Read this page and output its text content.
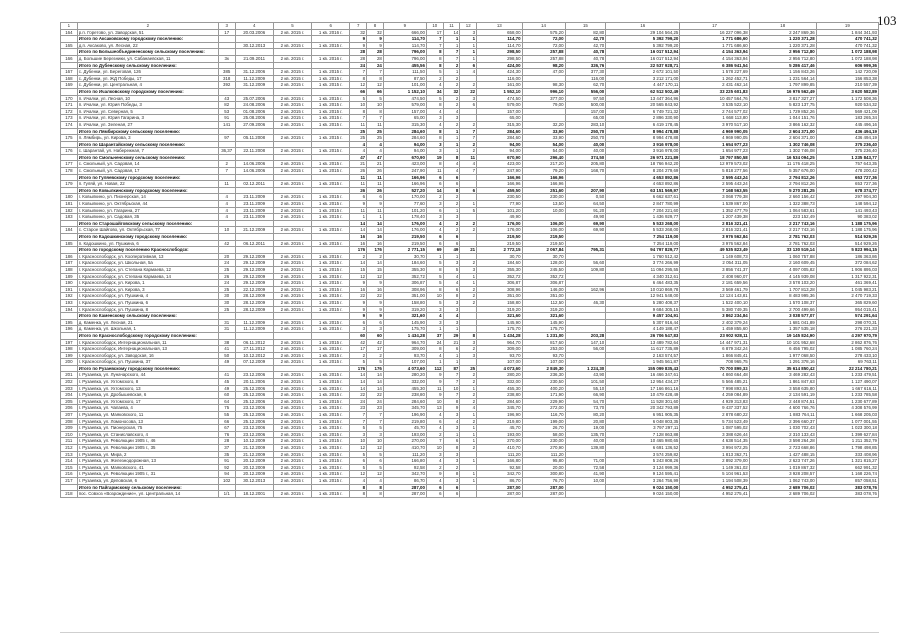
103
1	2	3	4	5	6	7	8	9	10	11	12	13	14	15	16	17	18	19
164	р.п. Горетово, ул. Заводская, 51	17	20.03.2006	2 кв. 2015 г.	1 кв. 2016 г.	32	32	666,00	17	14	3	658,00	575,20	82,80	29 104 564,25	16 227 096,38	2 247 869,36	1 844 341,93
	Итого по Аксаковскому городскому поселению:					9	9	114,70	7	1	1	114,70	72,00	42,70	5 392 799,20	1 771 686,60	1 220 371,28	470 741,32
165	д.п. Аксаково, ул. Лесная, 22		30.12.2013	2 кв. 2015 г.	1 кв. 2015 г.	9	9	114,70	7	1	1	114,70	72,00	42,70	5 392 799,20	1 771 686,60	1 220 371,28	470 741,32
	Итого по Большеобъединенскому сельскому поселению:					28	28	796,00	8	7	1	298,50	257,88	40,78	16 017 512,94	4 154 363,94	2 956 712,80	1 072 188,98
166	д. Большие Березники, ул. Сабанаевская, 11	3к	21.09.2011	2 кв. 2015 г.	1 кв. 2016 г.	28	28	796,00	8	7	1	298,50	257,88	40,78	16 017 512,94	4 154 363,94	2 956 712,80	1 072 188,98
	Итого по Дубенскому сельскому поселению:					24	24	455,56	8	2	6	424,00	98,20	326,76	22 537 928,71	6 386 941,54	5 286 417,46	606 999,36
167	с. Дубенки, ул. Береговая, 126	385	31.12.2006	2 кв. 2015 г.	1 кв. 2015 г.	7	7	111,50	5	1	4	424,30	47,00	377,30	2 672 101,50	1 578 227,69	1 156 843,26	142 720,09
168	с. Дубенки, ул. ЖД Победы, 17	318	11.12.2009	2 кв. 2015 г.	1 кв. 2015 г.	8	8	87,50	2	2		116,00		116,00	3 212 171,00	1 262 452,71	1 231 564,14	156 853,38
169	с. Дубенки, ул. Центральная, 4	392	31.12.2009	2 кв. 2015 г.	1 кв. 2015 г.	12	12	101,00	4	2	2	161,00	98,30	62,70	4 447 170,11	2 431 462,14	1 797 899,85	210 557,39
	Итого по Ичалковскому городскому поселению:					66	66	1 152,10	34	32	22	1 552,10	996,10	556,00	62 512 502,49	33 225 601,83	16 976 562,49	3 620 582,89
170	п. Ичалки, ул. Лесная, 10	43	25.07.2006	2 кв. 2015 г.	1 кв. 2015 г.	5	5	474,50	5	2	3	474,50	377,00	97,50	13 447 364,96	10 457 564,76	3 817 327,27	1 172 508,36
171	п. Ичалки, ул. Юрия Победы, 3	82	24.08.2006	2 кв. 2015 г.	1 кв. 2015 г.	10	10	579,00	8	2	6	579,00	79,00	500,00	20 565 843,92	3 535 522,10	5 823 137,75	920 534,32
172	п. Ичалки, ул. Северная, 5	53	01.08.2006	2 кв. 2015 г.	1 кв. 2015 г.	8	8	157,00	4	4		157,00		157,00	6 749 721,32	2 744 577,02	1 729 852,26	569 421,09
173	п. Ичалки, ул. Юрия Гагарина, 3	91	25.08.2006	2 кв. 2015 г.	1 кв. 2015 г.	7	7	65,00	3	3		65,00		65,00	2 896 330,90	1 668 113,80	1 044 151,76	183 265,34
174	п. Ичалки, ул. Зеленая, 27	141	27.09.2006	2 кв. 2015 г.	1 кв. 2015 г.	11	11	315,30	4	2	2	315,30	32,20	283,10	6 419 178,45	3 970 517,10	3 866 162,32	445 496,16
	Итого по Лямбирскому сельскому поселению:					25	25	284,60	8	1	7	284,60	33,90	250,70	8 994 478,88	4 969 990,05	2 604 371,00	436 494,19
175	п. Лямбирь, ул. Кирова, 3	97	05.11.2008	2 кв. 2015 г.	1 кв. 2015 г.	25	25	284,60	8	1	7	284,60	33,90	250,70	8 994 478,88	4 969 990,05	2 604 371,00	436 494,19
	Итого по Шарантайскому сельскому поселению:					4	4	94,00	3	1	2	94,00	54,00	40,00	3 916 978,00	1 654 977,23	1 302 746,08	375 236,40
176	с. Шарантай, ул. Набережная, 7	36,37	22.11.2008	2 кв. 2015 г.	1 кв. 2015 г.	4	4	94,00	3	1	2	94,00	54,00	40,00	3 916 978,00	1 654 977,23	1 302 746,08	375 236,40
	Итого по Смольненскому сельскому поселению:					47	47	670,90	19	8	11	670,90	296,40	374,50	26 971 221,89	18 797 850,58	16 534 094,25	1 235 843,77
177	с. Смольный, ул. Садовая, 14	2	14.06.2006	2 кв. 2015 г.	1 кв. 2015 г.	21	21	423,00	8	4	4	423,00	217,20	205,80	18 766 942,20	12 979 573,02	11 176 418,25	757 643,35
178	с. Смольный, ул. Садовая, 17	7	14.06.2006	2 кв. 2015 г.	1 кв. 2015 г.	26	26	247,90	11	4	7	247,90	79,20	168,70	8 204 279,69	5 818 277,56	5 357 676,00	478 200,42
	Итого по Гуляевскому городскому поселению:					11	11	166,96	6	6		166,96	166,96		4 653 892,86	2 595 443,24	2 794 812,26	653 727,36
179	п. Гуляй, ул. Новая, 22	11	02.12.2011	2 кв. 2015 г.	1 кв. 2015 г.	11	11	166,96	6	6		166,96	166,96		4 653 892,86	2 595 443,24	2 794 812,26	653 727,36
	Итого по Ковылкинскому городскому поселению:					26	26	527,20	14	8	6	459,50	251,60	207,90	63 151 569,97	7 168 563,55	5 270 281,25	678 374,77
180	г. Ковылкино, ул. Пионерская, 14	4	23.11.2009	2 кв. 2015 г.	1 кв. 2015 г.	6	6	170,00	2	2		230,50	230,00	0,50	6 662 637,61	3 068 779,38	2 660 156,42	297 904,30
181	г. Ковылкино, ул. Октябрьская, 44	4	23.11.2009	2 кв. 2015 г.	1 кв. 2015 г.	9	9	77,60	3	2	1	77,90	13,50	64,50	2 847 780,99	1 539 867,00	1 322 388,73	148 594,12
182	г. Ковылкино, ул. Гагарина, 27	4	23.11.2009	2 кв. 2015 г.	1 кв. 2015 г.	11	11	101,20	6	1	5	101,20	10,00	91,20	7 204 221,60	1 352 477,79	1 064 583,61	141 493,43
183	г. Ковылкино, ул. Садовая, 35	4	23.11.2009	2 кв. 2015 г.	1 кв. 2015 г.	1	1	178,40	3	3		49,90		49,90	1 436 929,77	1 207 439,38	223 152,49	90 383,02
	Итого по Старошайговскому сельскому поселению:					14	14	176,00	4	2	2	176,00	106,00	69,90	5 533 268,00	2 816 321,41	2 217 743,16	1 188 175,96
184	с. Старое Шайгово, ул. Октябрьская, 77	10	21.12.2009	2 кв. 2015 г.	1 кв. 2015 г.	14	14	176,00	4	2	2	176,00	106,00	69,90	5 533 268,00	2 816 321,41	2 217 743,16	1 188 175,96
	Итого по Кадошкинскому городскому поселению:					16	16	219,50	6	6		219,50	219,50		7 254 119,00	3 976 562,84	2 781 762,03	514 929,26
185	п. Кадошкино, ул. Пушкина, 6	42	06.12.2011	2 кв. 2015 г.	1 кв. 2015 г.	16	16	219,50	6	6		219,50	219,50		7 254 119,00	3 976 562,84	2 781 762,03	514 929,26
	Итого по городскому поселению Краснослободск:					176	176	2 771,15	69	49	21	2 772,15	2 067,84	795,31	94 797 829,77	49 535 823,49	33 130 519,14	5 823 994,15
186	г. Краснослободск, ул. Кооперативная, 13	20	29.12.2009	2 кв. 2015 г.	1 кв. 2015 г.	2	2	30,70	1	1		30,70	30,70		1 760 512,42	1 149 608,73	1 060 757,88	186 363,86
187	г. Краснослободск, ул. Школьная, 5а	24	29.12.2009	2 кв. 2015 г.	1 кв. 2015 г.	14	14	184,60	5	3	2	184,60	128,00	56,60	3 774 266,99	2 054 311,05	2 160 609,45	372 084,62
188	г. Краснослободск, ул. Степана Кармаева, 12	25	29.12.2009	2 кв. 2015 г.	1 кв. 2015 г.	15	15	355,30	8	5	3	355,30	245,50	109,80	11 094 295,55	3 856 741,37	4 097 005,82	1 906 895,03
189	г. Краснослободск, ул. Степана Кармаева, 14	26	29.12.2009	2 кв. 2015 г.	1 кв. 2015 г.	12	12	352,72	5	4	1	352,72	352,72		4 340 312,61	2 408 960,07	4 145 939,08	1 317 922,31
190	г. Краснослободск, ул. Кирова, 1	24	29.12.2009	2 кв. 2015 г.	1 кв. 2015 г.	9	9	306,87	5	4	1	306,87	306,87		6 464 483,35	2 181 659,56	3 578 103,20	461 369,41
191	г. Краснослободск, ул. Кирова, 3	25	22.12.2009	2 кв. 2015 г.	1 кв. 2015 г.	16	16	308,96	8	6	2	308,96	146,00	162,96	10 010 869,78	3 569 461,79	1 707 813,28	1 045 983,21
192	г. Краснослободск, ул. Пушкина, 4	30	28.12.2009	2 кв. 2015 г.	1 кв. 2015 г.	22	22	351,00	10	8	2	351,00	351,00		12 941 548,00	12 124 143,81	8 483 995,36	2 470 719,33
193	г. Краснослободск, ул. Пушкина, 6	30	28.12.2009	2 кв. 2015 г.	1 кв. 2015 г.	9	9	158,80	5	3	2	158,80	112,50	46,30	5 280 408,37	1 522 400,10	1 570 108,37	365 829,60
194	г. Краснослободск, ул. Пушкина, 8	25	28.12.2009	2 кв. 2015 г.	1 кв. 2015 г.	9	9	319,20	3	3		319,20	319,20		9 684 305,15	5 380 749,35	2 700 499,66	954 015,41
	Итого по Каменскому сельскому поселению:					9	9	321,60	4	4		321,60	321,60		9 457 104,91	3 862 234,84	3 038 577,07	574 291,64
195	д. Каменка, ул. Лесная, 21	31	11.12.2009	2 кв. 2015 г.	1 кв. 2015 г.	6	6	145,90	3	3		145,90	145,90		5 307 916,44	2 402 379,24	1 681 041,89	298 070,31
196	д. Каменка, ул. Школьная, 1	31	11.12.2009	2 кв. 2015 г.	1 кв. 2015 г.	3	3	175,70	1	1		175,70	175,70		4 149 188,47	1 459 855,60	1 357 535,18	276 221,33
	Итого по Краснослободскому городскому поселению:					60	60	1 434,28	37	29	8	1 434,28	1 231,00	203,28	26 706 547,83	23 902 928,11	19 145 824,90	4 297 970,79
197	г. Краснослободск, Интернациональная, 11	38	06.11.2012	2 кв. 2015 г.	1 кв. 2015 г.	42	42	964,70	24	21	3	964,70	817,60	147,10	13 489 782,64	14 447 971,31	10 101 952,68	2 862 876,76
198	г. Краснослободск, Интернациональная, 13	41	27.11.2012	2 кв. 2015 г.	1 кв. 2015 г.	17	17	309,00	8	6	2	309,00	253,00	56,00	11 617 735,89	6 879 342,24	6 456 795,02	1 085 760,24
199	г. Краснослободск, ул. Заводская, 16	50	10.12.2012	2 кв. 2015 г.	1 кв. 2015 г.	2	2	93,70	4	1	3	93,70	93,70		2 163 574,57	1 866 845,41	1 977 068,50	278 433,10
200	г. Краснослободск, ул. Пушкина, 37	49	07.12.2009	2 кв. 2015 г.	1 кв. 2015 г.	5	5	107,00	1	1		107,00	107,00		1 945 561,87	708 965,75	1 291 378,16	69 763,11
	Итого по Рузаевскому городскому поселению:					176	176	4 073,60	112	87	25	4 073,60	2 849,30	1 224,30	155 099 835,43	70 700 899,33	35 614 850,42	22 214 780,21
201	г. Рузаевка, ул. Луначарского, 44	41	23.12.2006	2 кв. 2015 г.	1 кв. 2015 г.	14	14	280,20	9	7	2	280,20	236,30	43,90	16 466 347,61	4 860 664,48	3 469 282,43	1 233 479,51
202	г. Рузаевка, ул. Ухтомского, 8	45	20.11.2006	2 кв. 2015 г.	1 кв. 2015 г.	14	14	332,00	9	7	2	332,00	230,50	101,50	12 954 434,27	5 566 485,21	1 861 847,63	1 127 490,07
203	г. Рузаевка, ул. Ухтомского, 13	49	25.12.2006	2 кв. 2015 г.	1 кв. 2015 г.	14	14	455,30	11	10	1	455,30	400,20	55,10	17 166 861,16	7 998 893,51	3 558 635,80	1 667 616,11
204	г. Рузаевка, ул. Дробышевская, 6	60	25.12.2006	2 кв. 2015 г.	1 кв. 2015 г.	22	22	238,80	9	7	2	238,80	171,90	66,90	10 479 428,49	4 259 084,89	2 134 591,19	1 233 785,58
205	г. Рузаевка, ул. Ухтомского, 17	64	25.12.2006	2 кв. 2015 г.	1 кв. 2015 г.	24	24	284,60	10	8	2	284,60	229,90	54,70	11 528 301,60	4 929 313,83	2 448 874,51	1 230 677,89
206	г. Рузаевка, ул. Чапаева, 4	75	23.12.2006	2 кв. 2015 г.	1 кв. 2015 г.	23	23	345,70	13	9	4	345,70	272,00	73,70	20 342 793,89	9 437 337,52	4 600 766,76	4 308 576,99
207	г. Рузаевка, ул. Маяковского, 11	55	25.12.2006	2 кв. 2015 г.	1 кв. 2015 г.	7	7	196,90	4	3	1	196,90	116,70	80,20	6 951 905,35	2 878 680,22	1 883 764,11	1 668 205,03
208	г. Рузаевка, ул. Ломоносова, 13	66	25.12.2006	2 кв. 2015 г.	1 кв. 2015 г.	7	7	219,80	6	4	2	219,80	199,00	20,80	6 048 803,35	5 734 523,49	2 396 660,37	1 077 001,55
209	г. Рузаевка, ул. Пионерская, 75	67	23.12.2006	2 кв. 2015 г.	1 кв. 2015 г.	5	5	45,70	4	3	1	45,70	26,70	19,00	3 797 297,11	1 087 595,02	1 030 702,43	1 023 300,18
210	г. Рузаевка, ул. Станиславского, 4	76	23.12.2006	2 кв. 2015 г.	1 кв. 2015 г.	3	3	193,00	2	1	1	193,00	58,00	135,70	7 128 863,88	3 388 626,44	2 310 133,43	1 399 627,84
211	г. Рузаевка, ул. Революции 1905 г., 46	28	10.12.2009	2 кв. 2015 г.	1 кв. 2015 г.	10	10	270,00	7	6	1	270,00	230,00	40,00	10 465 980,65	4 638 514,35	3 598 264,28	1 211 352,79
212	г. Рузаевка, ул. Революции 1905 г., 35	37	21.12.2009	2 кв. 2015 г.	1 кв. 2015 г.	12	12	410,70	10	8	2	410,70	270,90	139,80	6 691 136,52	3 994 972,25	2 723 668,86	1 798 498,85
213	г. Рузаевка, ул. Мира, 2	35	21.12.2009	2 кв. 2015 г.	1 кв. 2015 г.	5	5	111,20	3	3		111,20	111,20		3 574 259,82	1 813 362,71	1 427 488,15	333 408,96
214	г. Рузаевка, ул. Железнодорожная, 13	91	20.12.2009	2 кв. 2015 г.	1 кв. 2015 г.	6	6	166,80	4	3	1	166,80	95,80	71,00	5 243 808,26	2 892 379,00	2 623 747,26	1 321 815,27
215	г. Рузаевка, ул. Маяковского, 41	92	20.12.2009	2 кв. 2015 г.	1 кв. 2015 г.	5	5	92,58	2	2		92,58	20,00	72,58	3 124 999,36	1 149 361,02	1 019 867,32	662 991,32
216	г. Рузаевка, ул. Революции 1905 г., 31	94	20.12.2009	2 кв. 2015 г.	1 кв. 2015 г.	12	12	342,70	9	8	1	342,70	300,80	41,90	9 124 595,41	5 104 961,53	3 928 208,57	1 168 226,74
217	г. Рузаевка, ул. Деповская, 6	102	30.12.2013	2 кв. 2015 г.	1 кв. 2015 г.	4	4	86,70	4	3	1	86,70	76,70	10,00	3 264 756,99	1 194 508,39	1 062 743,00	857 058,51
	Итого по Пайгармскому сельскому поселению:					8	8	287,00	6	6		287,00	287,00		9 024 150,00	4 952 275,41	2 689 706,02	383 078,76
218	пос. Совхоз «Возрождение», ул. Центральная, 14	1/1	18.12.2001	2 кв. 2015 г.	1 кв. 2015 г.	8	8	287,00	6	6		287,00	287,00		9 024 150,00	4 952 275,41	2 689 706,02	383 078,76
